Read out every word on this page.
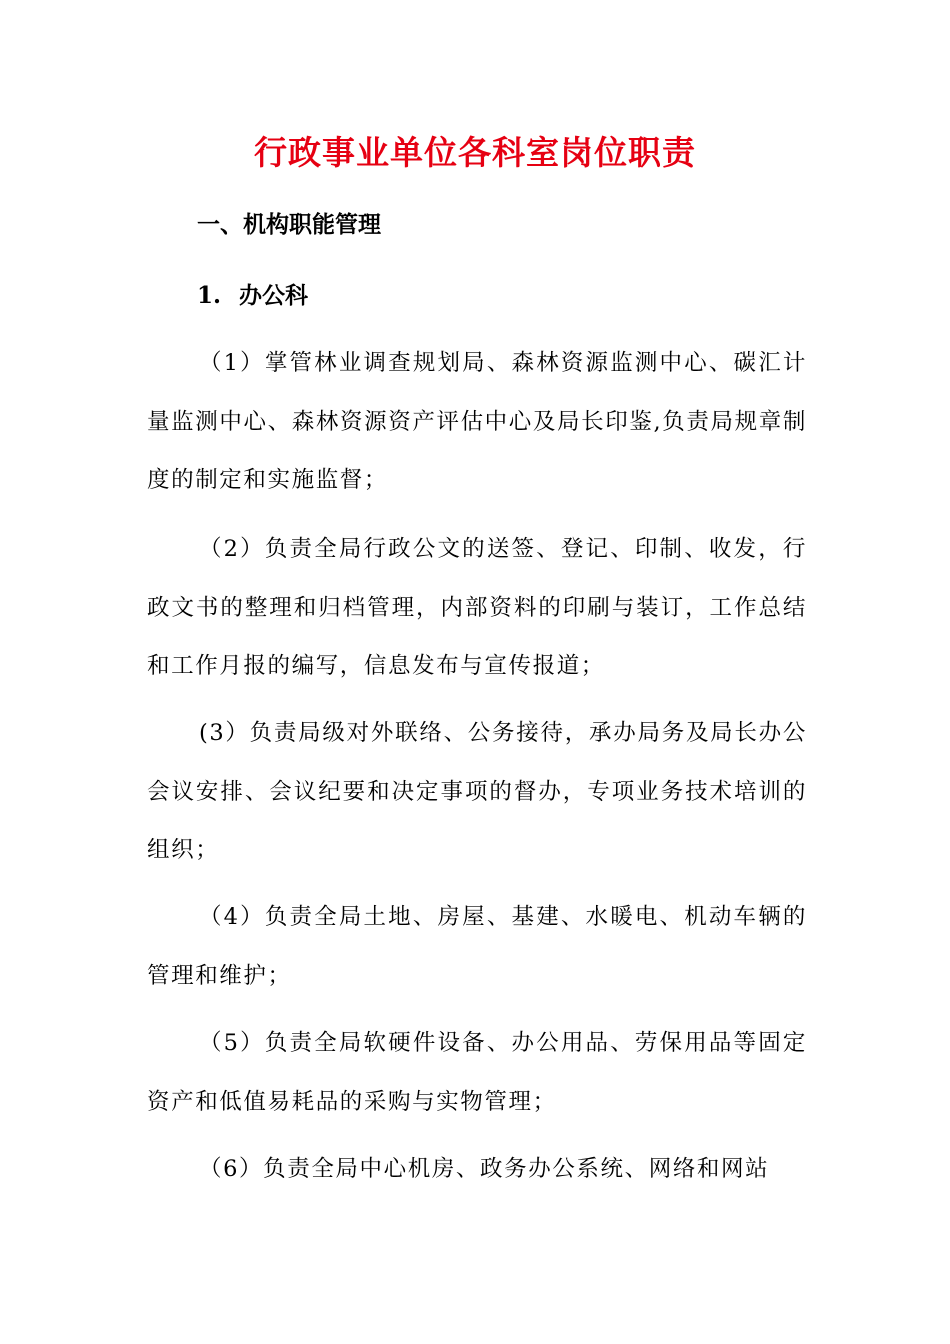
行政事业单位各科室岗位职责
一、机构职能管理
1. 办公科

（1）掌管林业调查规划局、森林资源监测中心、碳汇计量监测中心、森林资源资产评估中心及局长印鉴,负责局规章制度的制定和实施监督；

（2）负责全局行政公文的送签、登记、印制、收发，行政文书的整理和归档管理，内部资料的印刷与装订，工作总结和工作月报的编写，信息发布与宣传报道；

(3）负责局级对外联络、公务接待，承办局务及局长办公会议安排、会议纪要和决定事项的督办，专项业务技术培训的组织；

（4）负责全局土地、房屋、基建、水暖电、机动车辆的管理和维护；

（5）负责全局软硬件设备、办公用品、劳保用品等固定资产和低值易耗品的采购与实物管理；

（6）负责全局中心机房、政务办公系统、网络和网站
